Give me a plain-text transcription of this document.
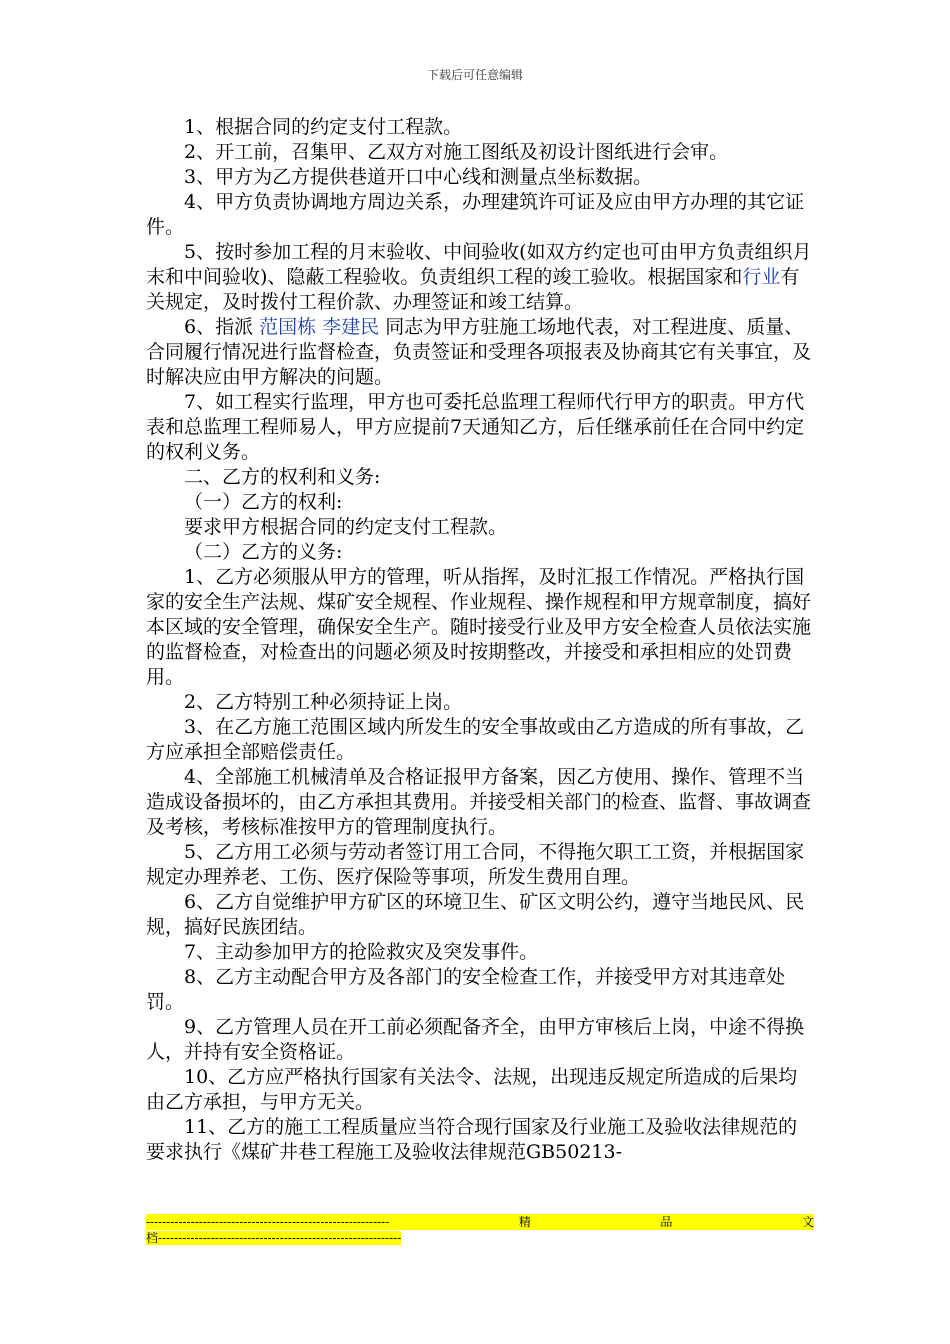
下载后可任意编辑

1、根据合同的约定支付工程款。

2、开工前，召集甲、乙双方对施工图纸及初设计图纸进行会审。

3、甲方为乙方提供巷道开口中心线和测量点坐标数据。

4、甲方负责协调地方周边关系，办理建筑许可证及应由甲方办理的其它证件。

5、按时参加工程的月末验收、中间验收(如双方约定也可由甲方负责组织月末和中间验收)、隐蔽工程验收。负责组织工程的竣工验收。根据国家和行业有关规定，及时拨付工程价款、办理签证和竣工结算。

6、指派 范国栋 李建民 同志为甲方驻施工场地代表，对工程进度、质量、合同履行情况进行监督检查，负责签证和受理各项报表及协商其它有关事宜，及时解决应由甲方解决的问题。

7、如工程实行监理，甲方也可委托总监理工程师代行甲方的职责。甲方代表和总监理工程师易人，甲方应提前7天通知乙方，后任继承前任在合同中约定的权利义务。

二、乙方的权利和义务:

（一）乙方的权利:

要求甲方根据合同的约定支付工程款。

（二）乙方的义务:

1、乙方必须服从甲方的管理，听从指挥，及时汇报工作情况。严格执行国家的安全生产法规、煤矿安全规程、作业规程、操作规程和甲方规章制度，搞好本区域的安全管理，确保安全生产。随时接受行业及甲方安全检查人员依法实施的监督检查，对检查出的问题必须及时按期整改，并接受和承担相应的处罚费用。

2、乙方特别工种必须持证上岗。

3、在乙方施工范围区域内所发生的安全事故或由乙方造成的所有事故，乙方应承担全部赔偿责任。

4、全部施工机械清单及合格证报甲方备案，因乙方使用、操作、管理不当造成设备损坏的，由乙方承担其费用。并接受相关部门的检查、监督、事故调查及考核，考核标准按甲方的管理制度执行。

5、乙方用工必须与劳动者签订用工合同，不得拖欠职工工资，并根据国家规定办理养老、工伤、医疗保险等事项，所发生费用自理。

6、乙方自觉维护甲方矿区的环境卫生、矿区文明公约，遵守当地民风、民规，搞好民族团结。

7、主动参加甲方的抢险救灾及突发事件。

8、乙方主动配合甲方及各部门的安全检查工作，并接受甲方对其违章处罚。

9、乙方管理人员在开工前必须配备齐全，由甲方审核后上岗，中途不得换人，并持有安全资格证。

10、乙方应严格执行国家有关法令、法规，出现违反规定所造成的后果均由乙方承担，与甲方无关。

11、乙方的施工工程质量应当符合现行国家及行业施工及验收法律规范的要求执行《煤矿井巷工程施工及验收法律规范GB50213-

------------------------------------------------------------	精	品	文
档------------------------------------------------------------
